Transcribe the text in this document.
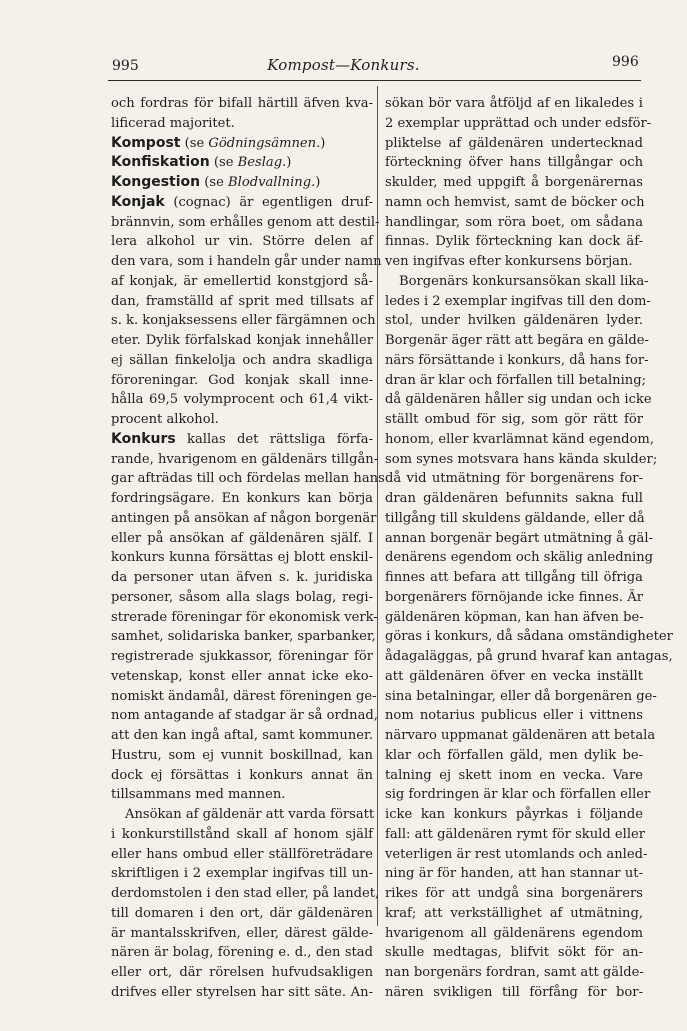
995	Kompost—Konkurs.	996
och fordras för bifall härtill äfven kva-
lificerad majoritet.
Kompost (se Gödningsämnen.)
Konfiskation (se Beslag.)
Kongestion (se Blodvallning.)
Konjak (cognac) är egentligen druf-
brännvin, som erhålles genom att destil-
lera alkohol ur vin. Större delen af
den vara, som i handeln går under namn
af konjak, är emellertid konstgjord så-
dan, framställd af sprit med tillsats af
s. k. konjaksessens eller färgämnen och
eter. Dylik förfalskad konjak innehåller
ej sällan finkelolja och andra skadliga
föroreningar. God konjak skall inne-
hålla 69,5 volymprocent och 61,4 vikt-
procent alkohol.
Konkurs kallas det rättsliga förfa-
rande, hvarigenom en gäldenärs tillgån-
gar afträdas till och fördelas mellan hans
fordringsägare. En konkurs kan börja
antingen på ansökan af någon borgenär
eller på ansökan af gäldenären själf. I
konkurs kunna försättas ej blott enskil-
da personer utan äfven s. k. juridiska
personer, såsom alla slags bolag, regi-
strerade föreningar för ekonomisk verk-
samhet, solidariska banker, sparbanker,
registrerade sjukkassor, föreningar för
vetenskap, konst eller annat icke eko-
nomiskt ändamål, därest föreningen ge-
nom antagande af stadgar är så ordnad,
att den kan ingå aftal, samt kommuner.
Hustru, som ej vunnit boskillnad, kan
dock ej försättas i konkurs annat än
tillsammans med mannen.
Ansökan af gäldenär att varda försatt
i konkurstillstånd skall af honom själf
eller hans ombud eller ställföreträdare
skriftligen i 2 exemplar ingifvas till un-
derdomstolen i den stad eller, på landet,
till domaren i den ort, där gäldenären
är mantalsskrifven, eller, därest gälde-
nären är bolag, förening e. d., den stad
eller ort, där rörelsen hufvudsakligen
drifves eller styrelsen har sitt säte. An-
sökan bör vara åtföljd af en likaledes i
2 exemplar upprättad och under edsför-
pliktelse af gäldenären undertecknad
förteckning öfver hans tillgångar och
skulder, med uppgift å borgenärernas
namn och hemvist, samt de böcker och
handlingar, som röra boet, om sådana
finnas. Dylik förteckning kan dock äf-
ven ingifvas efter konkursens början.
Borgenärs konkursansökan skall lika-
ledes i 2 exemplar ingifvas till den dom-
stol, under hvilken gäldenären lyder.
Borgenär äger rätt att begära en gälde-
närs försättande i konkurs, då hans for-
dran är klar och förfallen till betalning;
då gäldenären håller sig undan och icke
ställt ombud för sig, som gör rätt för
honom, eller kvarlämnat känd egendom,
som synes motsvara hans kända skulder;
då vid utmätning för borgenärens for-
dran gäldenären befunnits sakna full
tillgång till skuldens gäldande, eller då
annan borgenär begärt utmätning å gäl-
denärens egendom och skälig anledning
finnes att befara att tillgång till öfriga
borgenärers förnöjande icke finnes. Är
gäldenären köpman, kan han äfven be-
göras i konkurs, då sådana omständigheter
ådagaläggas, på grund hvaraf kan antagas,
att gäldenären öfver en vecka inställt
sina betalningar, eller då borgenären ge-
nom notarius publicus eller i vittnens
närvaro uppmanat gäldenären att betala
klar och förfallen gäld, men dylik be-
talning ej skett inom en vecka. Vare
sig fordringen är klar och förfallen eller
icke kan konkurs påyrkas i följande
fall: att gäldenären rymt för skuld eller
veterligen är rest utomlands och anled-
ning är för handen, att han stannar ut-
rikes för att undgå sina borgenärers
kraf; att verkställighet af utmätning,
hvarigenom all gäldenärens egendom
skulle medtagas, blifvit sökt för an-
nan borgenärs fordran, samt att gälde-
nären svikligen till förfång för bor-
